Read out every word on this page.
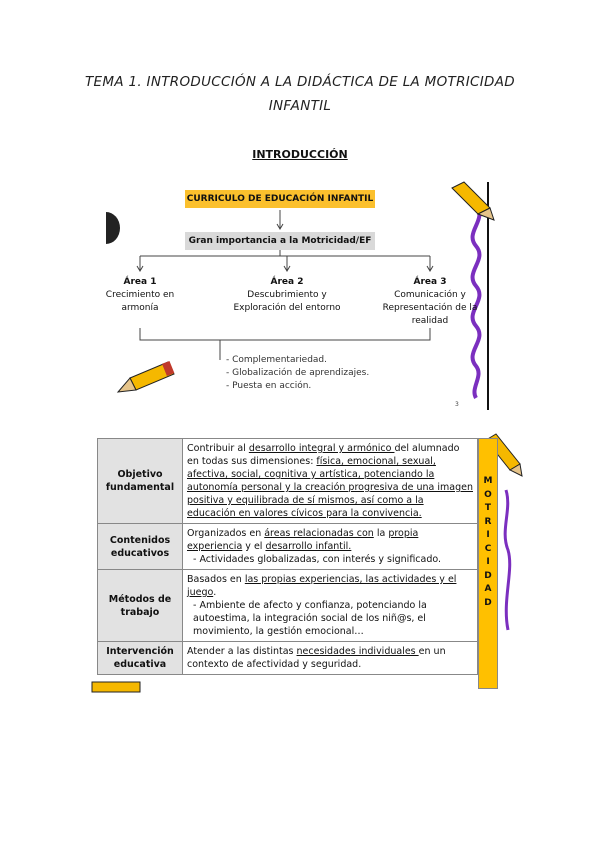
TEMA 1. INTRODUCCIÓN A LA DIDÁCTICA DE LA MOTRICIDAD
INFANTIL
INTRODUCCIÓN
3
CURRICULO DE EDUCACIÓN INFANTIL
Gran importancia a la Motricidad/EF
Área 1
Crecimiento en
armonía
Área 2
Descubrimiento y
Exploración del entorno
Área 3
Comunicación y
Representación de la
realidad
- Complementariedad.
- Globalización de aprendizajes.
- Puesta en acción.
Objetivo fundamental	Contribuir al desarrollo integral y armónico del alumnado en todas sus dimensiones: física, emocional, sexual, afectiva, social, cognitiva y artística, potenciando la autonomía personal y la creación progresiva de una imagen positiva y equilibrada de sí mismos, así como a la educación en valores cívicos para la convivencia.
Contenidos educativos	Organizados en áreas relacionadas con la propia experiencia y el desarrollo infantil.
- Actividades globalizadas, con interés y significado.

Métodos de trabajo	Basados en las propias experiencias, las actividades y el juego.
- Ambiente de afecto y confianza, potenciando la autoestima, la integración social de los niñ@s, el movimiento, la gestión emocional…

Intervención educativa	Atender a las distintas necesidades individuales en un contexto de afectividad y seguridad.
M
O
T
R
I
C
I
D
A
D
